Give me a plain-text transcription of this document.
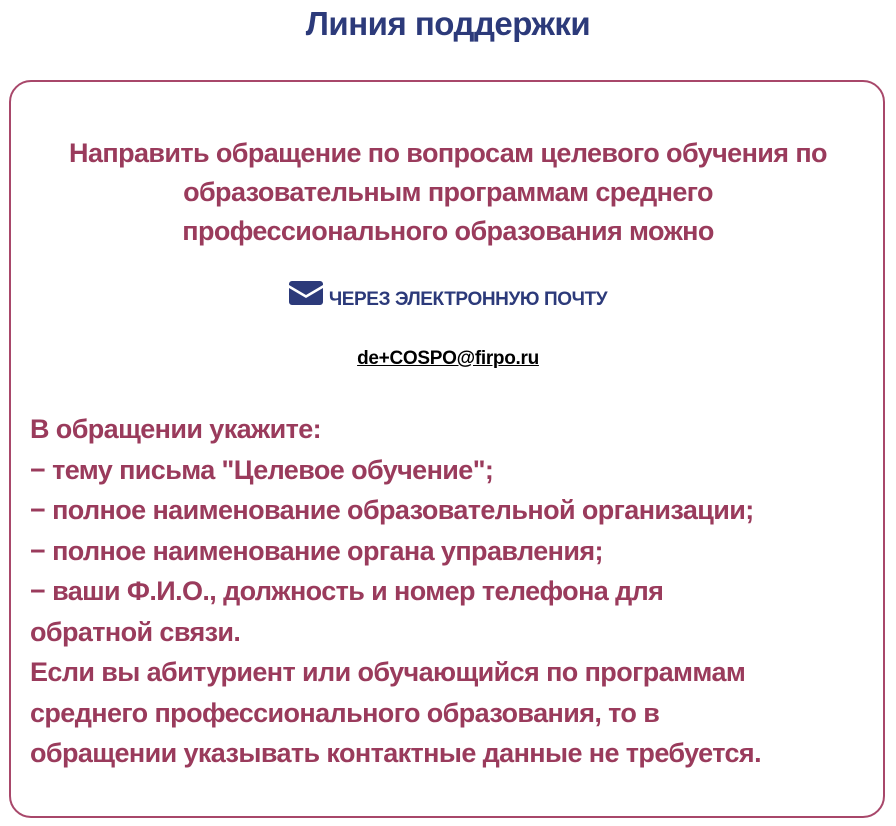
Линия поддержки
Направить обращение по вопросам целевого обучения по
образовательным программам среднего
профессионального образования можно
ЧЕРЕЗ ЭЛЕКТРОННУЮ ПОЧТУ
de+COSPO@firpo.ru
В обращении укажите:
− тему письма "Целевое обучение";
− полное наименование образовательной организации;
− полное наименование органа управления;
− ваши Ф.И.О., должность и номер телефона для
обратной связи.
Если вы абитуриент или обучающийся по программам
среднего профессионального образования, то в
обращении указывать контактные данные не требуется.
